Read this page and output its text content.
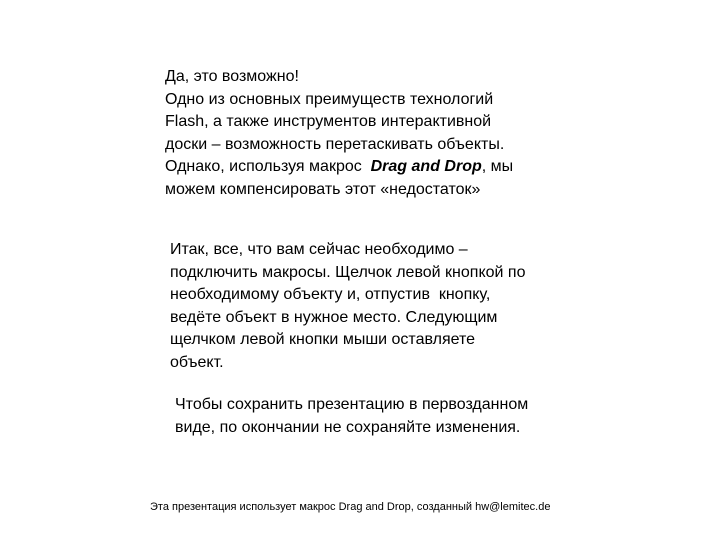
Да, это возможно!
Одно из основных преимуществ технологий
Flash, а также инструментов интерактивной
доски – возможность перетаскивать объекты.
Однако, используя макрос  Drag and Drop, мы
можем компенсировать этот «недостаток»

Итак, все, что вам сейчас необходимо –
подключить макросы. Щелчок левой кнопкой по
необходимому объекту и, отпустив  кнопку,
ведёте объект в нужное место. Следующим
щелчком левой кнопки мыши оставляете
объект.

Чтобы сохранить презентацию в первозданном
виде, по окончании не сохраняйте изменения.

Эта презентация использует макрос Drag and Drop, созданный hw@lemitec.de
